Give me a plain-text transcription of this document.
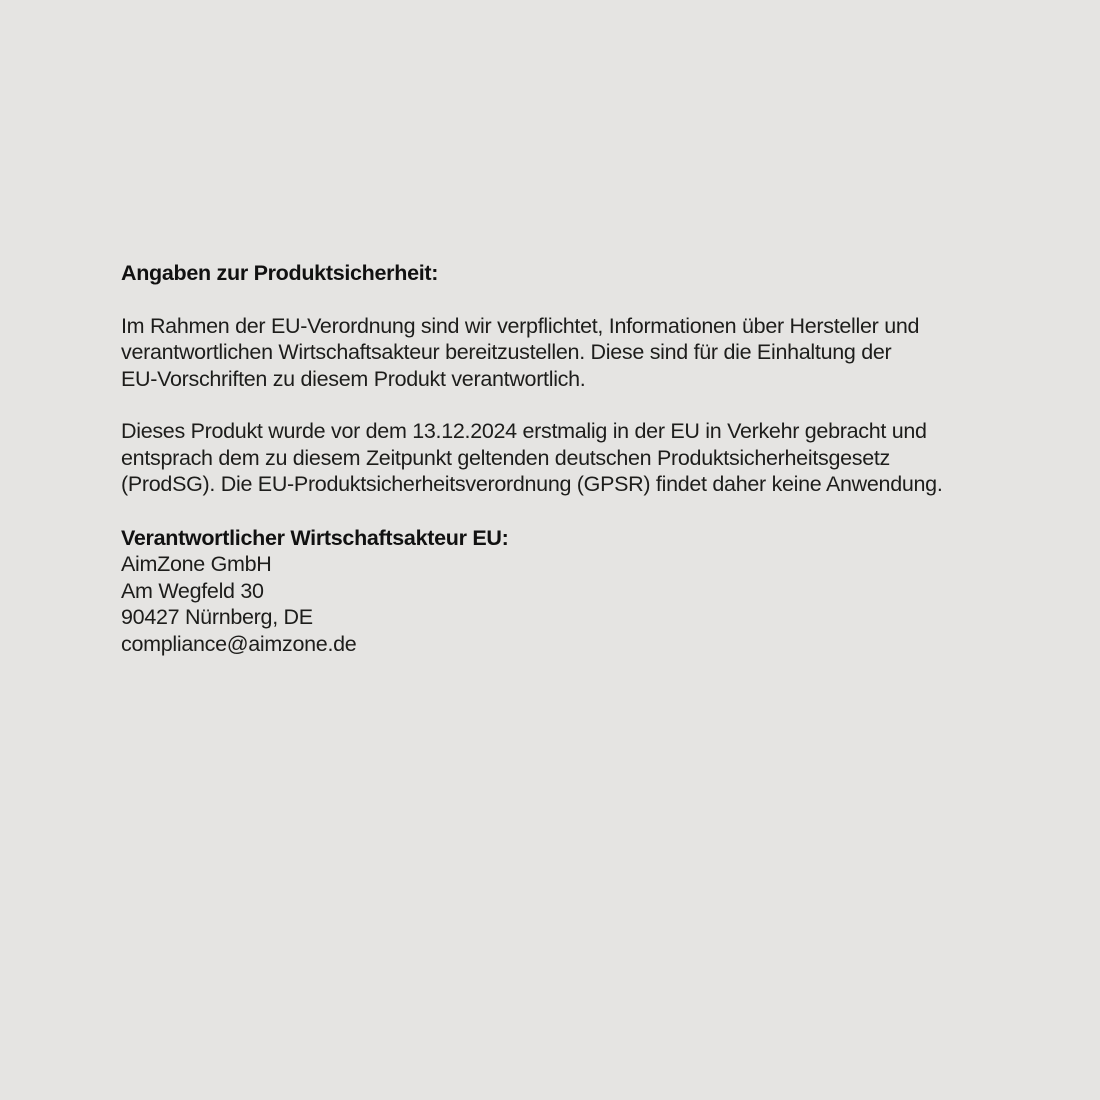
Angaben zur Produktsicherheit:
Im Rahmen der EU-Verordnung sind wir verpflichtet, Informationen über Hersteller und
verantwortlichen Wirtschaftsakteur bereitzustellen. Diese sind für die Einhaltung der
EU-Vorschriften zu diesem Produkt verantwortlich.
Dieses Produkt wurde vor dem 13.12.2024 erstmalig in der EU in Verkehr gebracht und
entsprach dem zu diesem Zeitpunkt geltenden deutschen Produktsicherheitsgesetz
(ProdSG). Die EU-Produktsicherheitsverordnung (GPSR) findet daher keine Anwendung.
Verantwortlicher Wirtschaftsakteur EU:
AimZone GmbH
Am Wegfeld 30
90427 Nürnberg, DE
compliance@aimzone.de
